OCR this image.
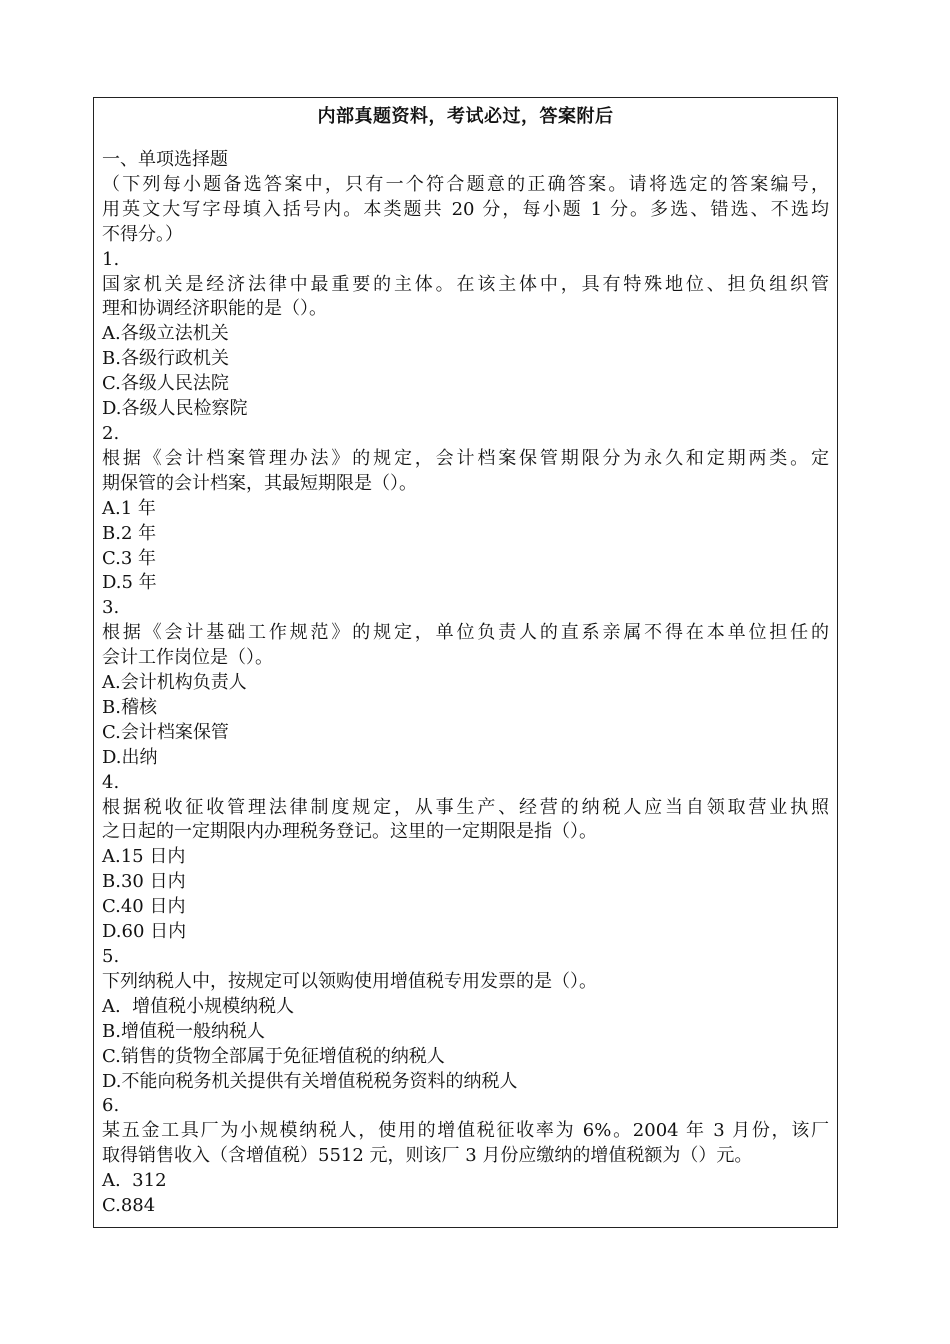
内部真题资料，考试必过，答案附后
一、单项选择题
（下列每小题备选答案中，只有一个符合题意的正确答案。请将选定的答案编号，
用英文大写字母填入括号内。本类题共 20 分，每小题 1 分。多选、错选、不选均
不得分。）
1.
国家机关是经济法律中最重要的主体。在该主体中，具有特殊地位、担负组织管
理和协调经济职能的是（）。
A.各级立法机关
B.各级行政机关
C.各级人民法院
D.各级人民检察院
2.
根据《会计档案管理办法》的规定，会计档案保管期限分为永久和定期两类。定
期保管的会计档案，其最短期限是（）。
A.1 年
B.2 年
C.3 年
D.5 年
3.
根据《会计基础工作规范》的规定，单位负责人的直系亲属不得在本单位担任的
会计工作岗位是（）。
A.会计机构负责人
B.稽核
C.会计档案保管
D.出纳
4.
根据税收征收管理法律制度规定，从事生产、经营的纳税人应当自领取营业执照
之日起的一定期限内办理税务登记。这里的一定期限是指（）。
A.15 日内
B.30 日内
C.40 日内
D.60 日内
5.
下列纳税人中，按规定可以领购使用增值税专用发票的是（）。
A.  增值税小规模纳税人
B.增值税一般纳税人
C.销售的货物全部属于免征增值税的纳税人
D.不能向税务机关提供有关增值税税务资料的纳税人
6.
某五金工具厂为小规模纳税人，使用的增值税征收率为 6%。2004 年 3 月份，该厂
取得销售收入（含增值税）5512 元，则该厂 3 月份应缴纳的增值税额为（）元。
A.  312
C.884
